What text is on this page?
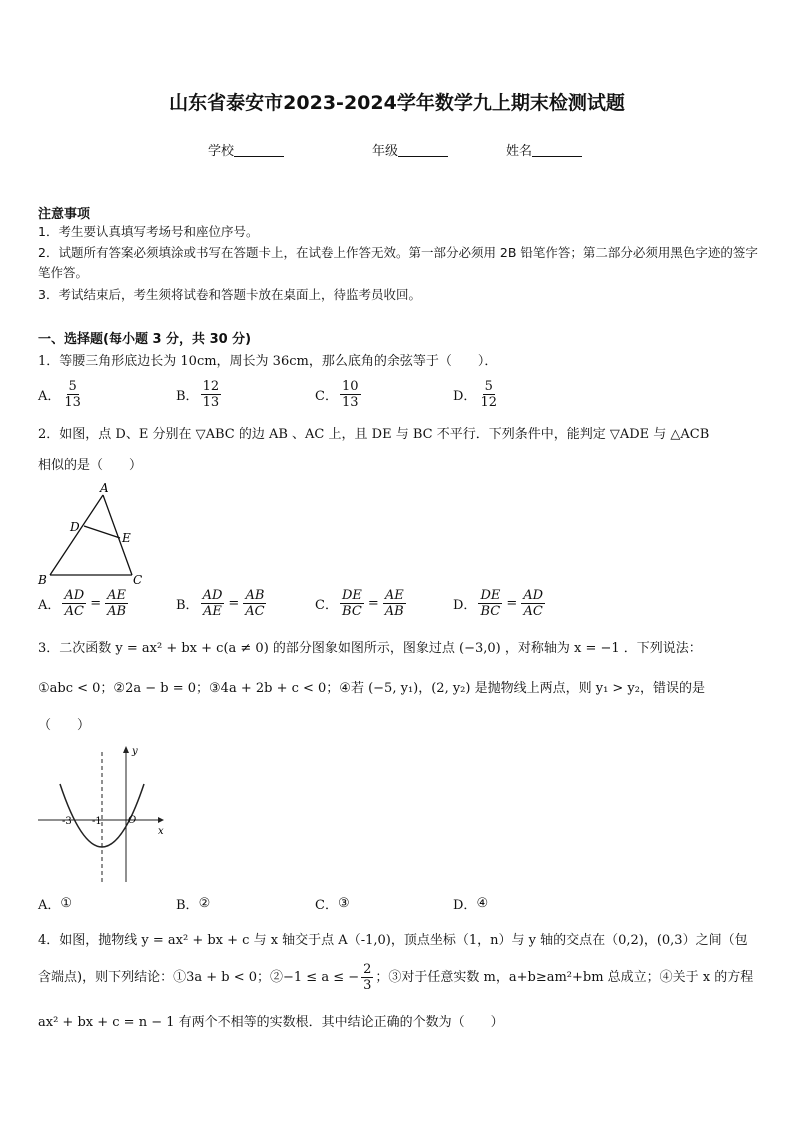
山东省泰安市2023-2024学年数学九上期末检测试题
学校	年级	姓名
注意事项
1．考生要认真填写考场号和座位序号。
2．试题所有答案必须填涂或书写在答题卡上，在试卷上作答无效。第一部分必须用 2B 铅笔作答；第二部分必须用黑色字迹的签字笔作答。
3．考试结束后，考生须将试卷和答题卡放在桌面上，待监考员收回。
一、选择题(每小题 3 分，共 30 分)
1．等腰三角形底边长为 10cm，周长为 36cm，那么底角的余弦等于（　　）．
A． $\frac{5}{13}$	B． $\frac{12}{13}$	C． $\frac{10}{13}$	D． $\frac{5}{12}$
2．如图，点 D、E 分别在 ▽ABC 的边 AB 、AC 上，且 DE 与 BC 不平行．下列条件中，能判定 ▽ADE 与 △ACB
相似的是（　　）
A
D
E
B	C
A． $\frac{AD}{AC} = \frac{AE}{AB}$	B． $\frac{AD}{AE} = \frac{AB}{AC}$	C． $\frac{DE}{BC} = \frac{AE}{AB}$	D． $\frac{DE}{BC} = \frac{AD}{AC}$
3．二次函数 y = ax² + bx + c(a ≠ 0) 的部分图象如图所示，图象过点 (−3,0) ，对称轴为 x = −1 ．下列说法：
①abc < 0；②2a − b = 0；③4a + 2b + c < 0；④若 (−5, y₁)，(2, y₂) 是抛物线上两点，则 y₁ > y₂，错误的是
（　　）
y
x
O
-3 -1
A． ①	B． ②	C． ③	D． ④
4．如图，抛物线 y = ax² + bx + c 与 x 轴交于点 A（-1,0)，顶点坐标（1，n）与 y 轴的交点在（0,2)，(0,3）之间（包
含端点)，则下列结论：①3a + b < 0；②−1 ≤ a ≤ − $\frac{2}{3}$ ；③对于任意实数 m，a+b≥am²+bm 总成立；④关于 x 的方程
ax² + bx + c = n − 1 有两个不相等的实数根．其中结论正确的个数为（　　）
